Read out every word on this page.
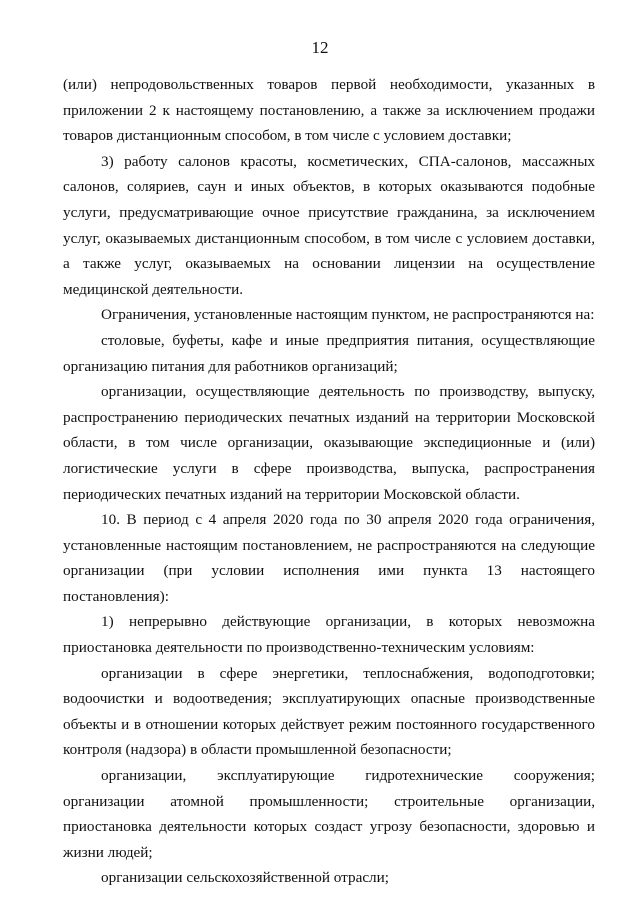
12

(или) непродовольственных товаров первой необходимости, указанных в приложении 2 к настоящему постановлению, а также за исключением продажи товаров дистанционным способом, в том числе с условием доставки;

3) работу салонов красоты, косметических, СПА-салонов, массажных салонов, соляриев, саун и иных объектов, в которых оказываются подобные услуги, предусматривающие очное присутствие гражданина, за исключением услуг, оказываемых дистанционным способом, в том числе с условием доставки, а также услуг, оказываемых на основании лицензии на осуществление медицинской деятельности.

Ограничения, установленные настоящим пунктом, не распространяются на:

столовые, буфеты, кафе и иные предприятия питания, осуществляющие организацию питания для работников организаций;

организации, осуществляющие деятельность по производству, выпуску, распространению периодических печатных изданий на территории Московской области, в том числе организации, оказывающие экспедиционные и (или) логистические услуги в сфере производства, выпуска, распространения периодических печатных изданий на территории Московской области.

10. В период с 4 апреля 2020 года по 30 апреля 2020 года ограничения, установленные настоящим постановлением, не распространяются на следующие организации (при условии исполнения ими пункта 13 настоящего постановления):

1) непрерывно действующие организации, в которых невозможна приостановка деятельности по производственно-техническим условиям:

организации в сфере энергетики, теплоснабжения, водоподготовки; водоочистки и водоотведения; эксплуатирующих опасные производственные объекты и в отношении которых действует режим постоянного государственного контроля (надзора) в области промышленной безопасности;

организации, эксплуатирующие гидротехнические сооружения; организации атомной промышленности; строительные организации, приостановка деятельности которых создаст угрозу безопасности, здоровью и жизни людей;

организации сельскохозяйственной отрасли;
